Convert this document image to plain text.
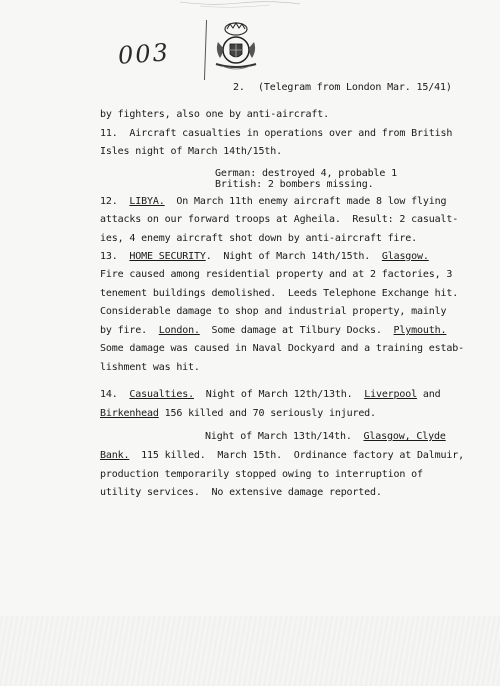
003
2. (Telegram from London Mar. 15/41)
by fighters, also one by anti-aircraft.
11.  Aircraft casualties in operations over and from British
Isles night of March 14th/15th.
German: destroyed 4, probable 1
British: 2 bombers missing.
12. LIBYA.  On March 11th enemy aircraft made 8 low flying
attacks on our forward troops at Agheila.  Result: 2 casualt-
ies, 4 enemy aircraft shot down by anti-aircraft fire.
13. HOME SECURITY.  Night of March 14th/15th.  Glasgow.
Fire caused among residential property and at 2 factories, 3
tenement buildings demolished.  Leeds Telephone Exchange hit.
Considerable damage to shop and industrial property, mainly
by fire.  London.  Some damage at Tilbury Docks.  Plymouth.
Some damage was caused in Naval Dockyard and a training estab-
lishment was hit.
14. Casualties.  Night of March 12th/13th.  Liverpool and
Birkenhead 156 killed and 70 seriously injured.
Night of March 13th/14th.  Glasgow, Clyde
Bank.  115 killed.  March 15th.  Ordinance factory at Dalmuir,
production temporarily stopped owing to interruption of
utility services.  No extensive damage reported.
